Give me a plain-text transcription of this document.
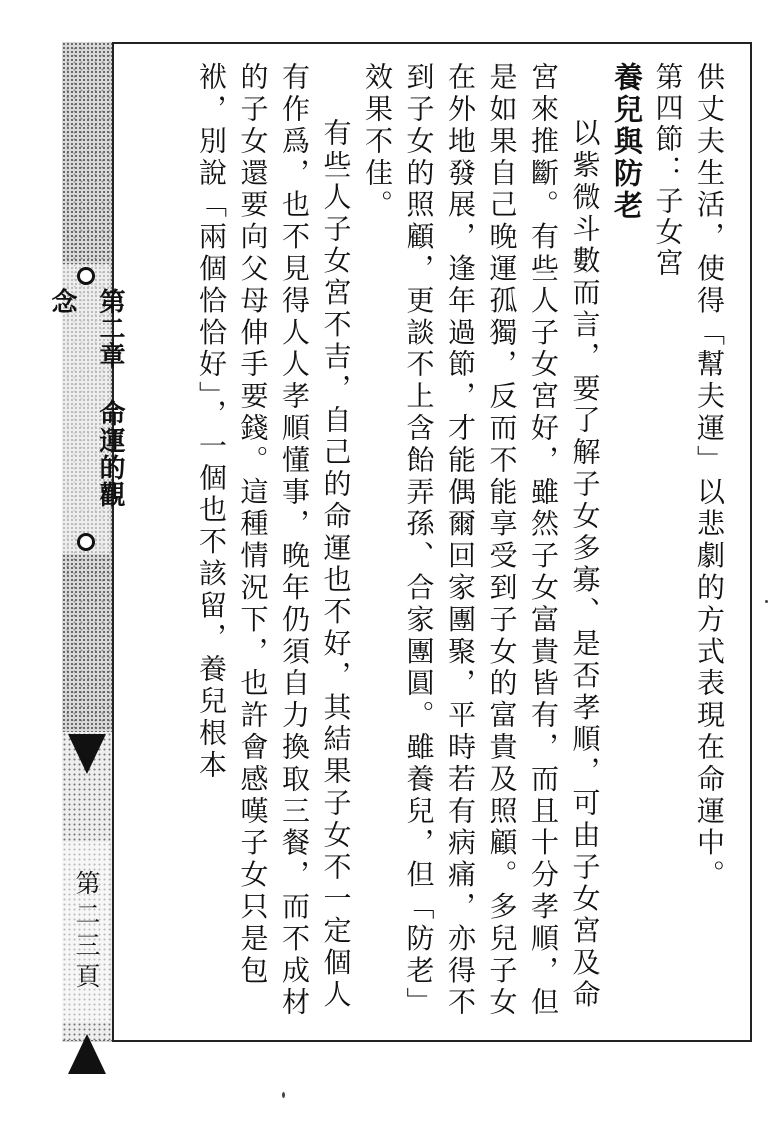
第二章 命運的觀念
第二三頁

供丈夫生活，使得「幫夫運」以悲劇的方式表現在命運中。

第四節：子女宮

養兒與防老

以紫微斗數而言，要了解子女多寡、是否孝順，可由子女宮及命宮來推斷。有些人子女宮好，雖然子女富貴皆有，而且十分孝順，但是如果自己晚運孤獨，反而不能享受到子女的富貴及照顧。多兒子女在外地發展，逢年過節，才能偶爾回家團聚，平時若有病痛，亦得不到子女的照顧，更談不上含飴弄孫、合家團圓。雖養兒，但「防老」效果不佳。

有些人子女宮不吉，自己的命運也不好，其結果子女不一定個人有作爲，也不見得人人孝順懂事，晚年仍須自力換取三餐，而不成材的子女還要向父母伸手要錢。這種情況下，也許會感嘆子女只是包袱，別說「兩個恰恰好」，一個也不該留，養兒根本
